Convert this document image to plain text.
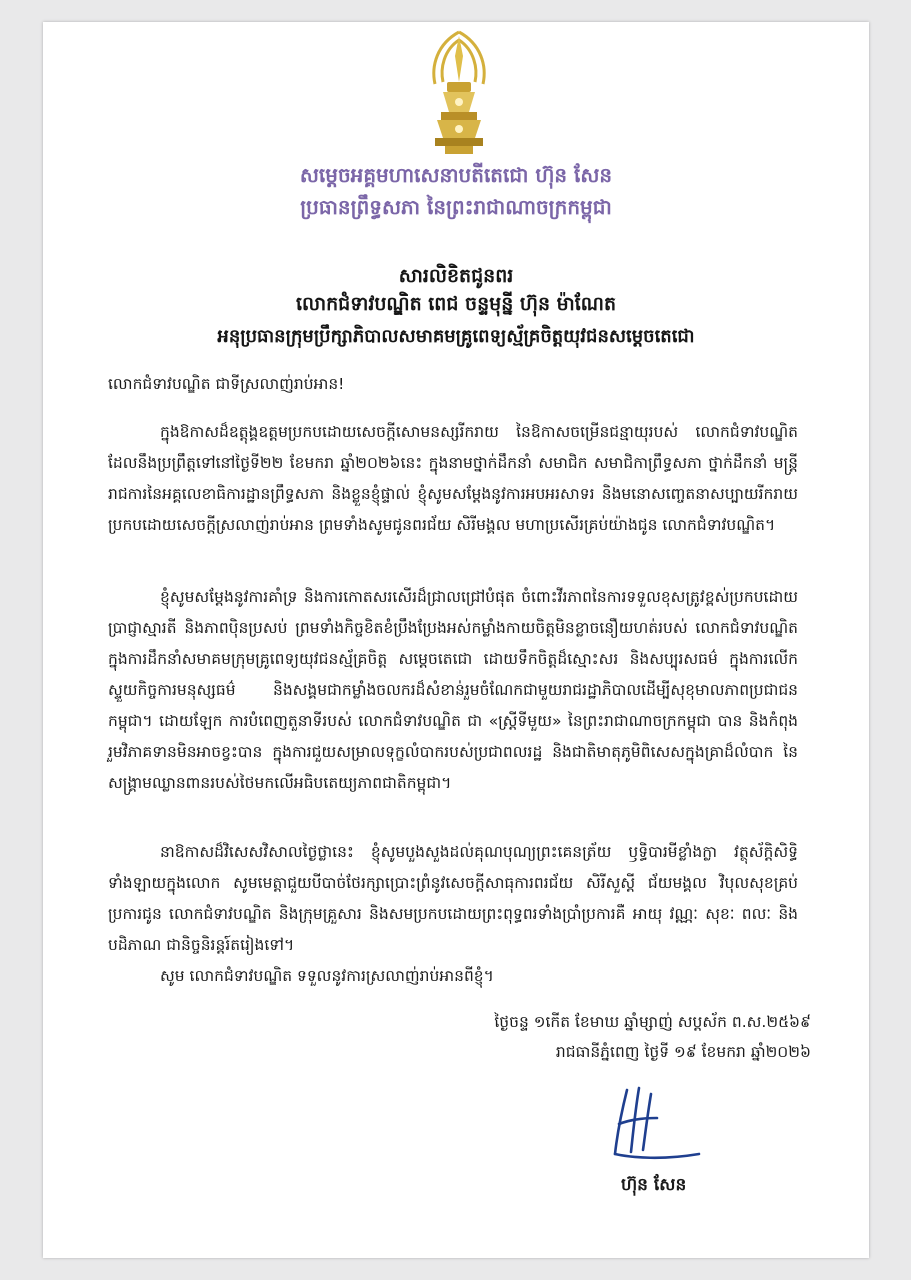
សម្តេចអគ្គមហាសេនាបតីតេជោ ហ៊ុន សែន
ប្រធានព្រឹទ្ធសភា នៃព្រះរាជាណាចក្រកម្ពុជា
សារលិខិតជូនពរ
លោកជំទាវបណ្ឌិត ពេជ ចន្ទមុន្នី ហ៊ុន ម៉ាណែត
អនុប្រធានក្រុមប្រឹក្សាភិបាលសមាគមគ្រូពេទ្យស្ម័គ្រចិត្តយុវជនសម្តេចតេជោ
លោកជំទាវបណ្ឌិត ជាទីស្រលាញ់រាប់អាន!
ក្នុងឱកាសដ៏ឧត្តុង្គឧត្តមប្រកបដោយសេចក្តីសោមនស្សរីករាយ នៃឱកាសចម្រើនជន្មាយុរបស់ លោកជំទាវបណ្ឌិត ដែលនឹងប្រព្រឹត្តទៅនៅថ្ងៃទី២២ ខែមករា ឆ្នាំ២០២៦នេះ ក្នុងនាមថ្នាក់ដឹកនាំ សមាជិក សមាជិកាព្រឹទ្ធសភា ថ្នាក់ដឹកនាំ មន្ត្រីរាជការនៃអគ្គលេខាធិការដ្ឋានព្រឹទ្ធសភា និងខ្លួនខ្ញុំផ្ទាល់ ខ្ញុំសូមសម្តែងនូវការអបអរសាទរ និងមនោសញ្ចេតនាសប្បាយរីករាយ ប្រកបដោយសេចក្តីស្រលាញ់រាប់អាន ព្រមទាំងសូមជូនពរជ័យ សិរីមង្គល មហាប្រសើរគ្រប់យ៉ាងជូន លោកជំទាវបណ្ឌិត។
ខ្ញុំសូមសម្តែងនូវការគាំទ្រ និងការកោតសរសើរដ៏ជ្រាលជ្រៅបំផុត ចំពោះវីរភាពនៃការទទួលខុសត្រូវខ្ពស់ប្រកបដោយប្រាជ្ញាស្មារតី និងភាពប៉ិនប្រសប់ ព្រមទាំងកិច្ចខិតខំប្រឹងប្រែងអស់កម្លាំងកាយចិត្តមិនខ្លាចនឿយហត់របស់ លោកជំទាវបណ្ឌិត ក្នុងការដឹកនាំសមាគមក្រុមគ្រូពេទ្យយុវជនស្ម័គ្រចិត្ត សម្តេចតេជោ ដោយទឹកចិត្តដ៏ស្មោះសរ និងសប្បុរសធម៌ ក្នុងការលើកស្ទួយកិច្ចការមនុស្សធម៌ និងសង្គមជាកម្លាំងចលករដ៏សំខាន់រួមចំណែកជាមួយរាជរដ្ឋាភិបាលដើម្បីសុខុមាលភាពប្រជាជនកម្ពុជា។ ដោយឡែក ការបំពេញតួនាទីរបស់ លោកជំទាវបណ្ឌិត ជា «ស្ត្រីទីមួយ» នៃព្រះរាជាណាចក្រកម្ពុជា បាន និងកំពុងរួមវិភាគទានមិនអាចខ្វះបាន ក្នុងការជួយសម្រាលទុក្ខលំបាករបស់ប្រជាពលរដ្ឋ និងជាតិមាតុភូមិពិសេសក្នុងគ្រាដ៏លំបាក នៃសង្គ្រាមឈ្លានពានរបស់ថៃមកលើអធិបតេយ្យភាពជាតិកម្ពុជា។
នាឱកាសដ៏វិសេសវិសាលថ្ងៃថ្លានេះ ខ្ញុំសូមបួងសួងដល់គុណបុណ្យព្រះគេនត្រ័យ ឫទ្ធិបារមីខ្លាំងក្លា វត្ថុស័ក្តិសិទ្ធិទាំងឡាយក្នុងលោក សូមមេត្តាជួយបីបាច់ថែរក្សាប្រោះព្រំនូវសេចក្តីសាធុការពរជ័យ សិរីសួស្តី ជ័យមង្គល វិបុលសុខគ្រប់ប្រការជូន លោកជំទាវបណ្ឌិត និងក្រុមគ្រួសារ និងសមប្រកបដោយព្រះពុទ្ធពរទាំងប្រាំប្រការគឺ អាយុ វណ្ណៈ សុខៈ ពលៈ និងបដិភាណ ជានិច្ចនិរន្តរ៍តរៀងទៅ។
សូម លោកជំទាវបណ្ឌិត ទទួលនូវការស្រលាញ់រាប់អានពីខ្ញុំ។
ថ្ងៃចន្ទ ១កើត ខែមាឃ ឆ្នាំម្សាញ់ សប្តស័ក ព.ស.២៥៦៩
រាជធានីភ្នំពេញ ថ្ងៃទី ១៩ ខែមករា ឆ្នាំ២០២៦
ហ៊ុន សែន
